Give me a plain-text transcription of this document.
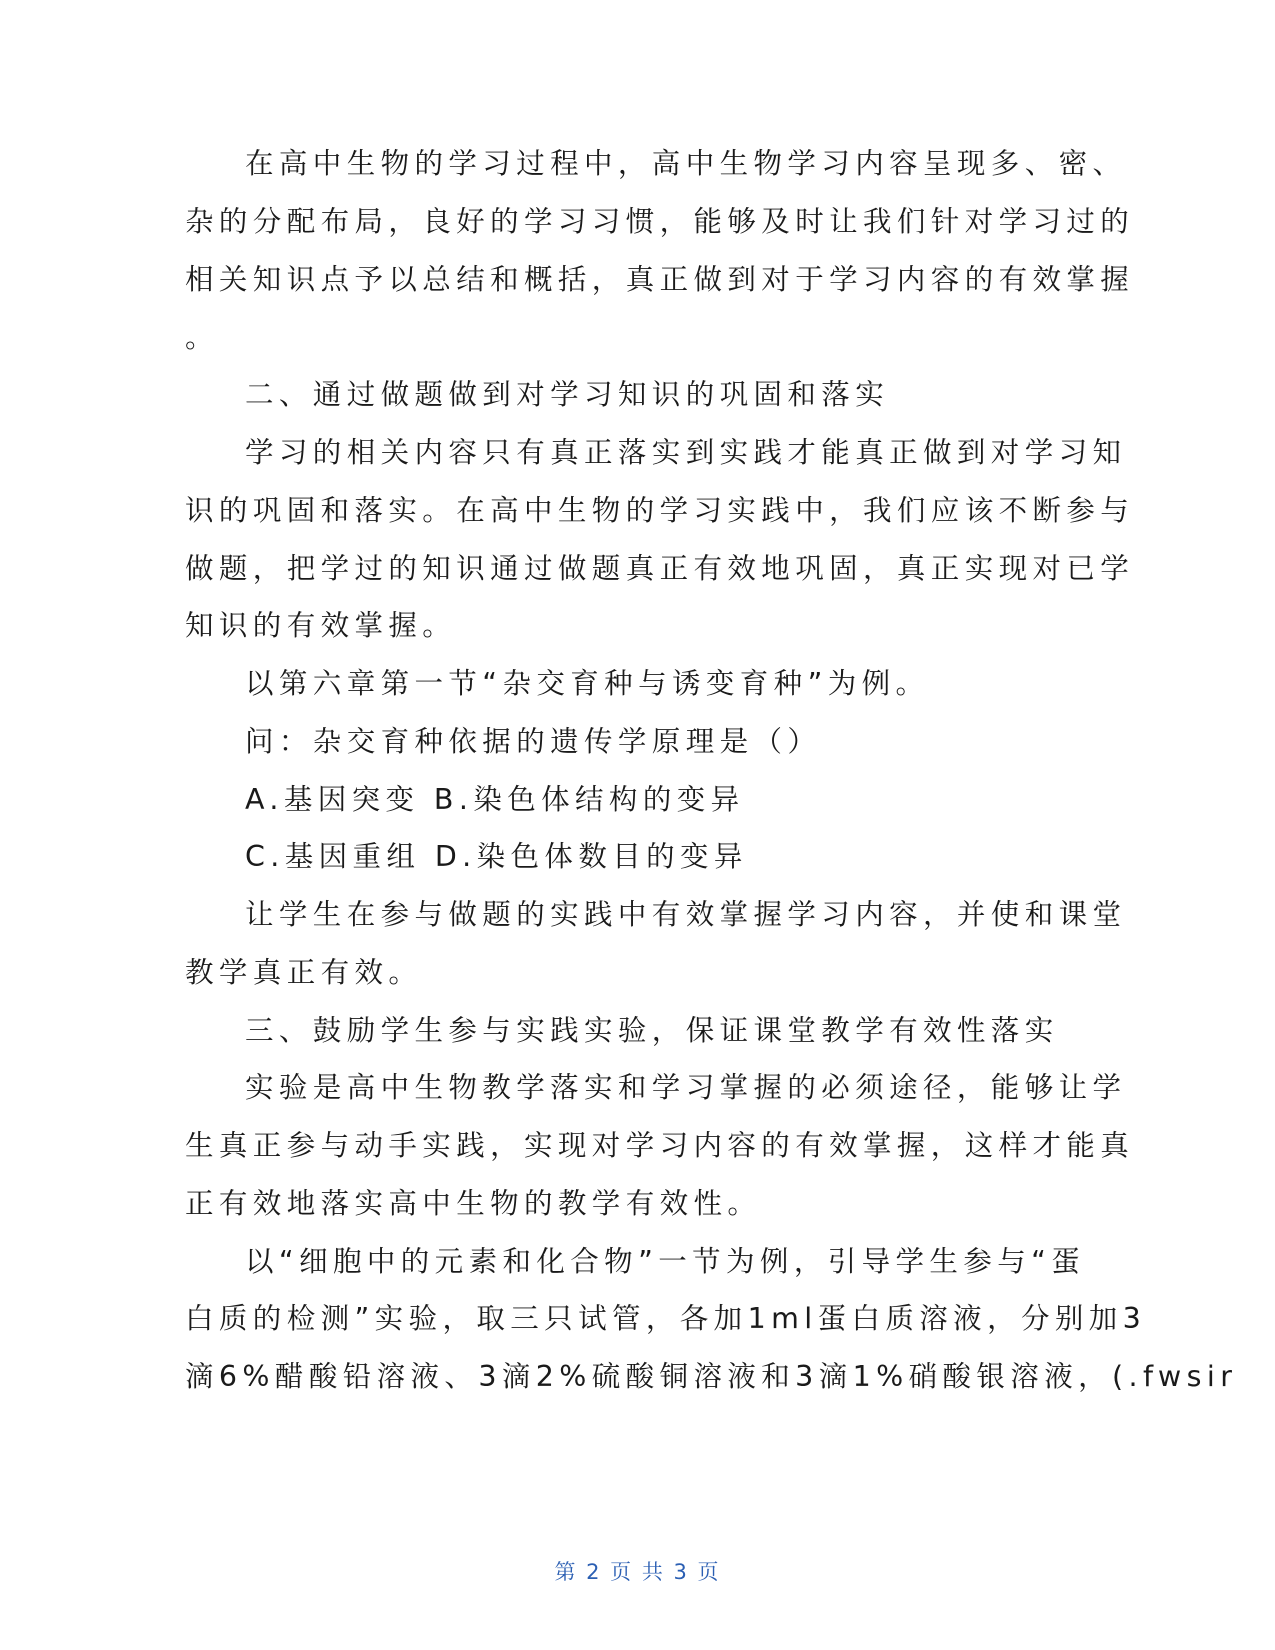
在高中生物的学习过程中，高中生物学习内容呈现多、密、
杂的分配布局，良好的学习习惯，能够及时让我们针对学习过的
相关知识点予以总结和概括，真正做到对于学习内容的有效掌握
。
二、通过做题做到对学习知识的巩固和落实
学习的相关内容只有真正落实到实践才能真正做到对学习知
识的巩固和落实。在高中生物的学习实践中，我们应该不断参与
做题，把学过的知识通过做题真正有效地巩固，真正实现对已学
知识的有效掌握。
以第六章第一节“杂交育种与诱变育种”为例。
问：杂交育种依据的遗传学原理是（）
A.基因突变 B.染色体结构的变异
C.基因重组 D.染色体数目的变异
让学生在参与做题的实践中有效掌握学习内容，并使和课堂
教学真正有效。
三、鼓励学生参与实践实验，保证课堂教学有效性落实
实验是高中生物教学落实和学习掌握的必须途径，能够让学
生真正参与动手实践，实现对学习内容的有效掌握，这样才能真
正有效地落实高中生物的教学有效性。
以“细胞中的元素和化合物”一节为例，引导学生参与“蛋
白质的检测”实验，取三只试管，各加1ml蛋白质溶液，分别加3
滴6%醋酸铅溶液、3滴2%硫酸铜溶液和3滴1%硝酸银溶液，(.fwsir
第 2 页 共 3 页
